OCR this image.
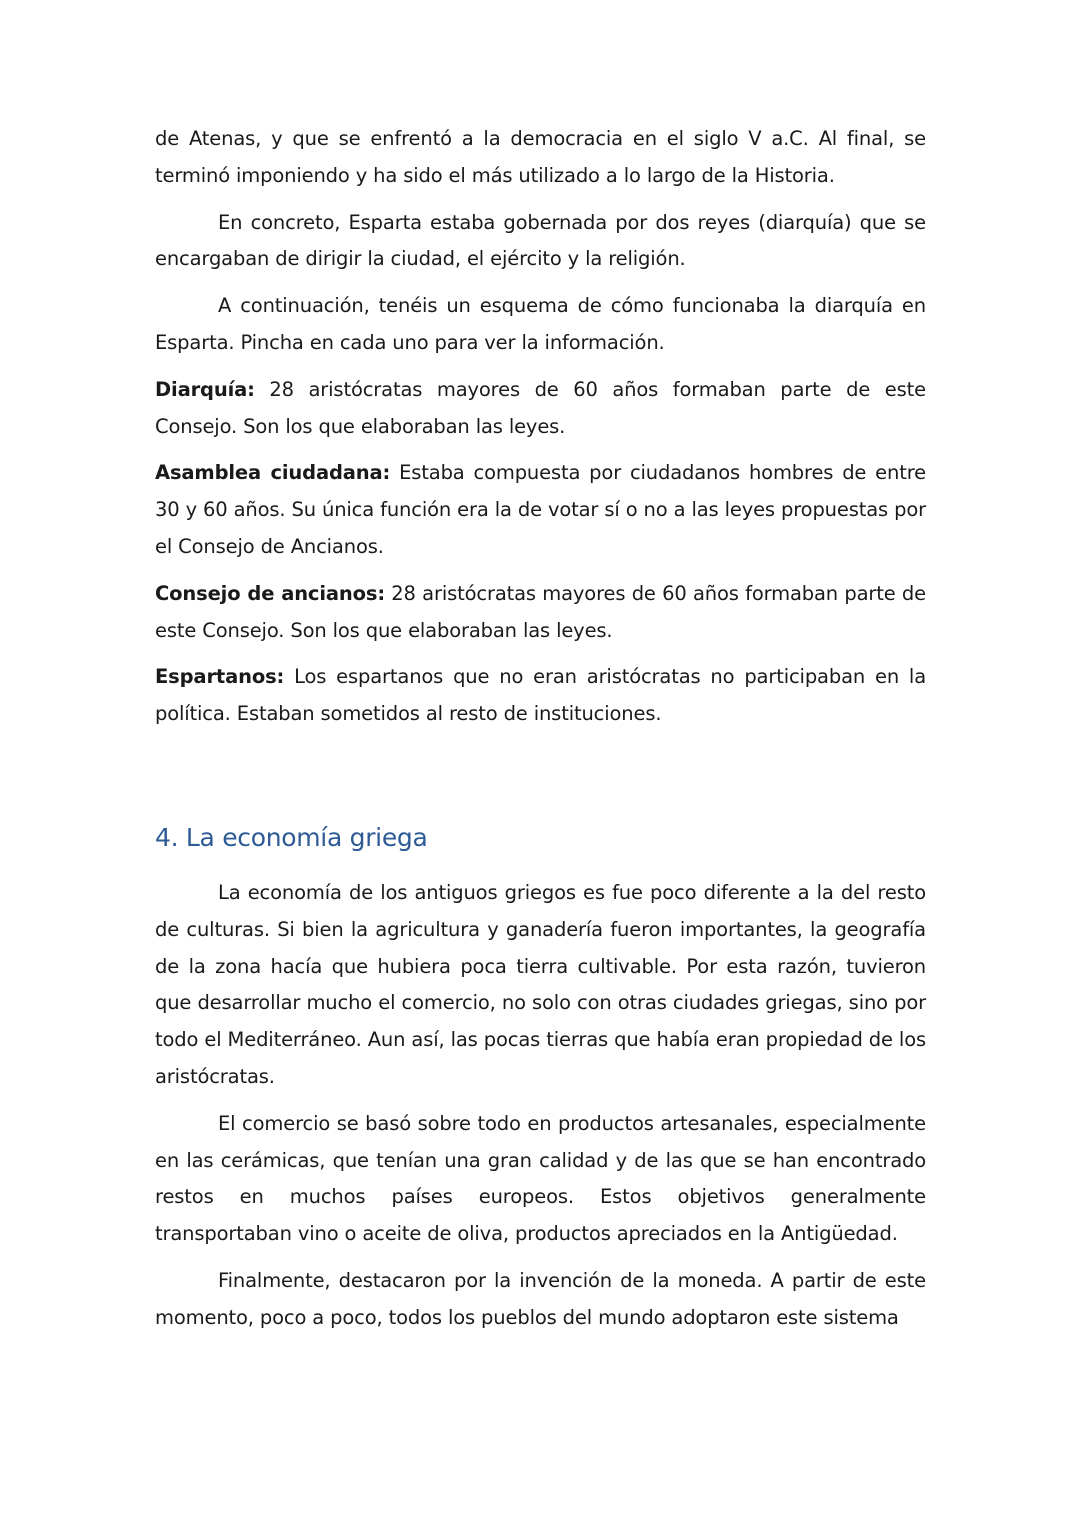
de Atenas, y que se enfrentó a la democracia en el siglo V a.C. Al final, se terminó imponiendo y ha sido el más utilizado a lo largo de la Historia.

En concreto, Esparta estaba gobernada por dos reyes (diarquía) que se encargaban de dirigir la ciudad, el ejército y la religión.

A continuación, tenéis un esquema de cómo funcionaba la diarquía en Esparta. Pincha en cada uno para ver la información.

Diarquía: 28 aristócratas mayores de 60 años formaban parte de este Consejo. Son los que elaboraban las leyes.

Asamblea ciudadana: Estaba compuesta por ciudadanos hombres de entre 30 y 60 años. Su única función era la de votar sí o no a las leyes propuestas por el Consejo de Ancianos.

Consejo de ancianos: 28 aristócratas mayores de 60 años formaban parte de este Consejo. Son los que elaboraban las leyes.

Espartanos: Los espartanos que no eran aristócratas no participaban en la política. Estaban sometidos al resto de instituciones.

4. La economía griega

La economía de los antiguos griegos es fue poco diferente a la del resto de culturas. Si bien la agricultura y ganadería fueron importantes, la geografía de la zona hacía que hubiera poca tierra cultivable. Por esta razón, tuvieron que desarrollar mucho el comercio, no solo con otras ciudades griegas, sino por todo el Mediterráneo. Aun así, las pocas tierras que había eran propiedad de los aristócratas.

El comercio se basó sobre todo en productos artesanales, especialmente en las cerámicas, que tenían una gran calidad y de las que se han encontrado restos en muchos países europeos. Estos objetivos generalmente transportaban vino o aceite de oliva, productos apreciados en la Antigüedad.

Finalmente, destacaron por la invención de la moneda. A partir de este momento, poco a poco, todos los pueblos del mundo adoptaron este sistema
